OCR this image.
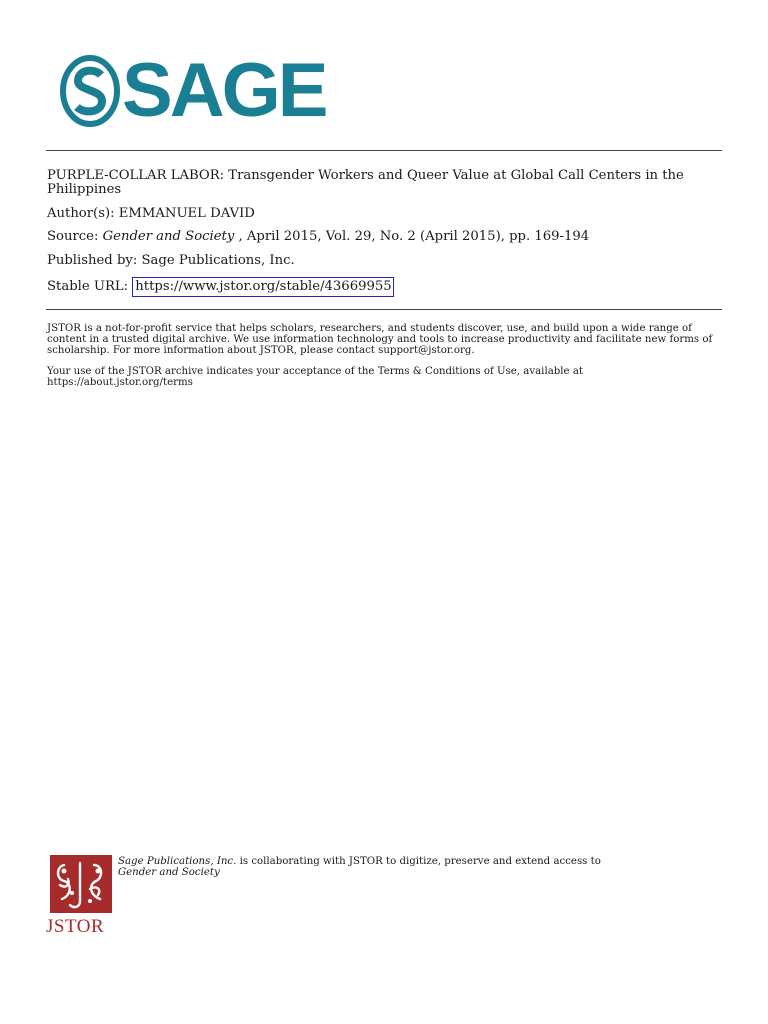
SAGE
PURPLE-COLLAR LABOR: Transgender Workers and Queer Value at Global Call Centers in the Philippines
Author(s): EMMANUEL DAVID
Source: Gender and Society , April 2015, Vol. 29, No. 2 (April 2015), pp. 169-194
Published by: Sage Publications, Inc.
Stable URL: https://www.jstor.org/stable/43669955
JSTOR is a not-for-profit service that helps scholars, researchers, and students discover, use, and build upon a wide range of content in a trusted digital archive. We use information technology and tools to increase productivity and facilitate new forms of scholarship. For more information about JSTOR, please contact support@jstor.org.
Your use of the JSTOR archive indicates your acceptance of the Terms & Conditions of Use, available at https://about.jstor.org/terms
JSTOR
Sage Publications, Inc. is collaborating with JSTOR to digitize, preserve and extend access to
Gender and Society
